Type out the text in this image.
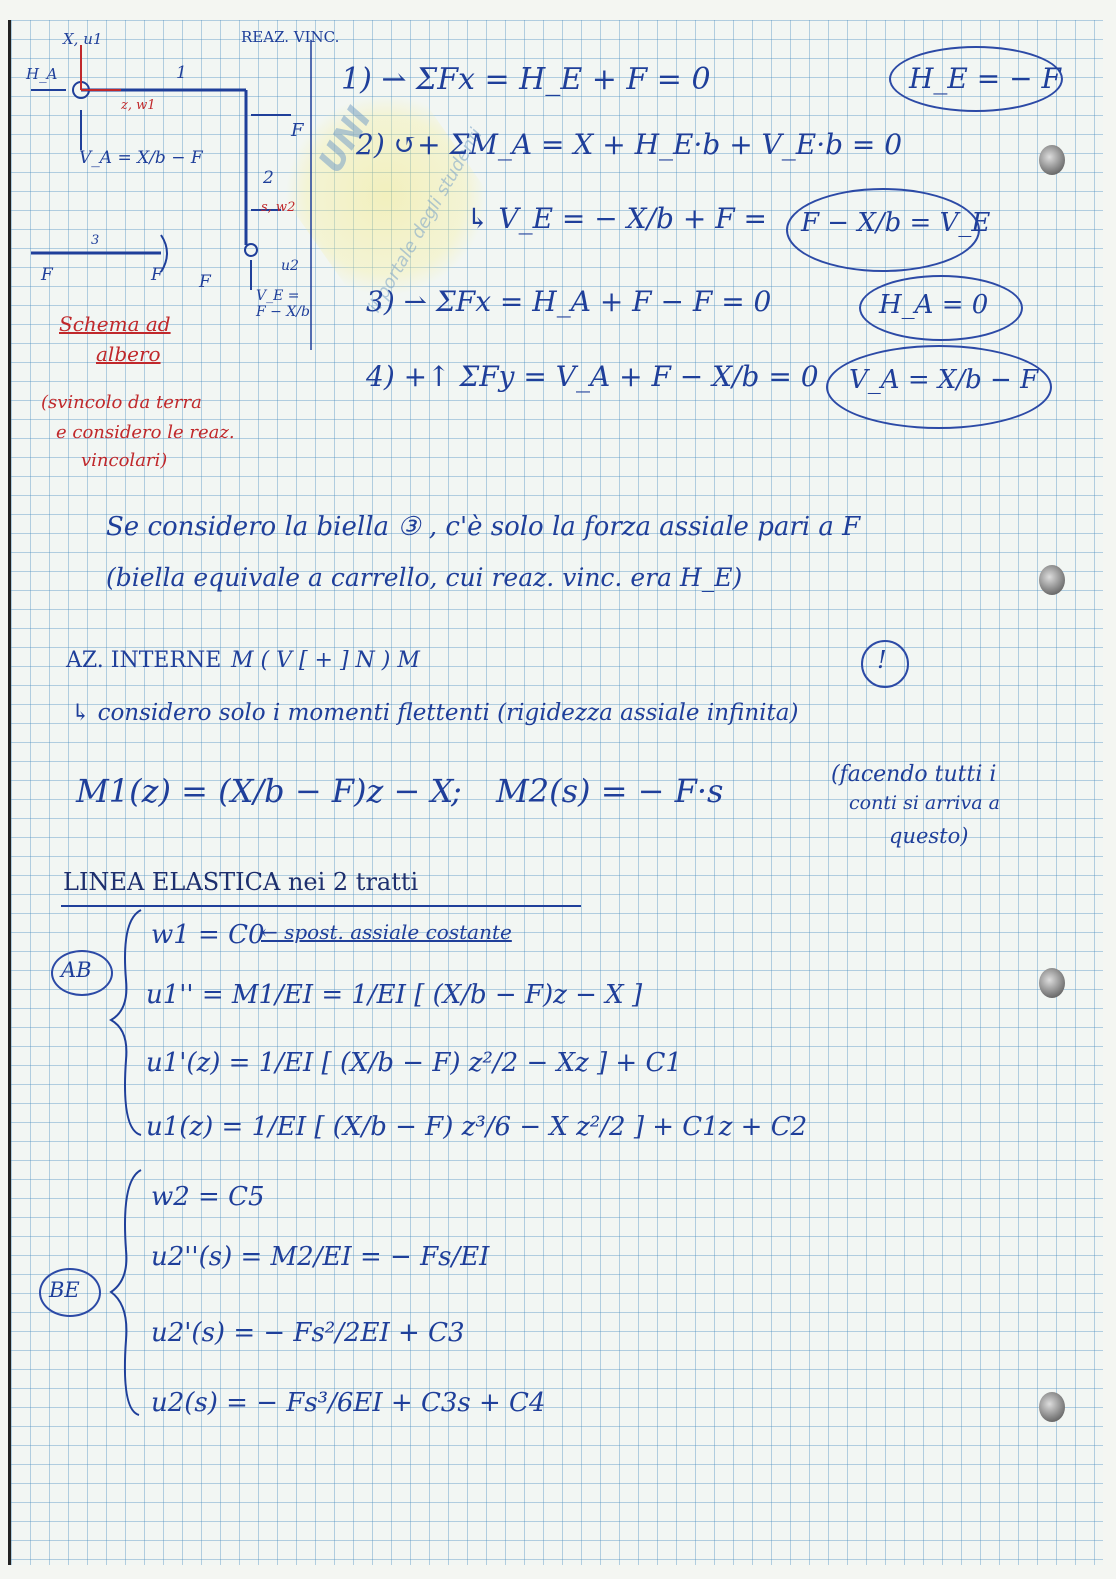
UNI
il portale degli studenti
X, u1
H_A
z, w1
V_A = X/b − F
1
2
3
F
F	F F
s, w2
u2
V_E = F − X/b
Schema ad
albero
(svincolo da terra
e considero le reaz.
vincolari)
REAZ. VINC.
1) ⇀ ΣFx = H_E + F = 0	H_E = − F
2) ↺+ ΣM_A = X + H_E·b + V_E·b = 0
↳ V_E = − X/b + F = F − X/b = V_E
3) ⇀ ΣFx = H_A + F − F = 0	H_A = 0
4) +↑ ΣFy = V_A + F − X/b = 0 V_A = X/b − F
Se considero la biella ③ , c'è solo la forza assiale pari a F
(biella equivale a carrello, cui reaz. vinc. era H_E)
AZ. INTERNE M ( V [ + ] N ) M	!
↳ considero solo i momenti flettenti (rigidezza assiale infinita)
M1(z) = (X/b − F)z − X
; M2(s) = − F·s	(facendo tutti i
conti si arriva a
questo)
LINEA ELASTICA nei 2 tratti
AB
w1 = C0
← spost. assiale costante
u1'' = M1/EI = 1/EI [ (X/b − F)z − X ]
u1'(z) = 1/EI [ (X/b − F) z²/2 − Xz ] + C1
u1(z) = 1/EI [ (X/b − F) z³/6 − X z²/2 ] + C1z + C2
BE
w2 = C5
u2''(s) = M2/EI = − Fs/EI
u2'(s) = − Fs²/2EI + C3
u2(s) = − Fs³/6EI + C3s + C4
